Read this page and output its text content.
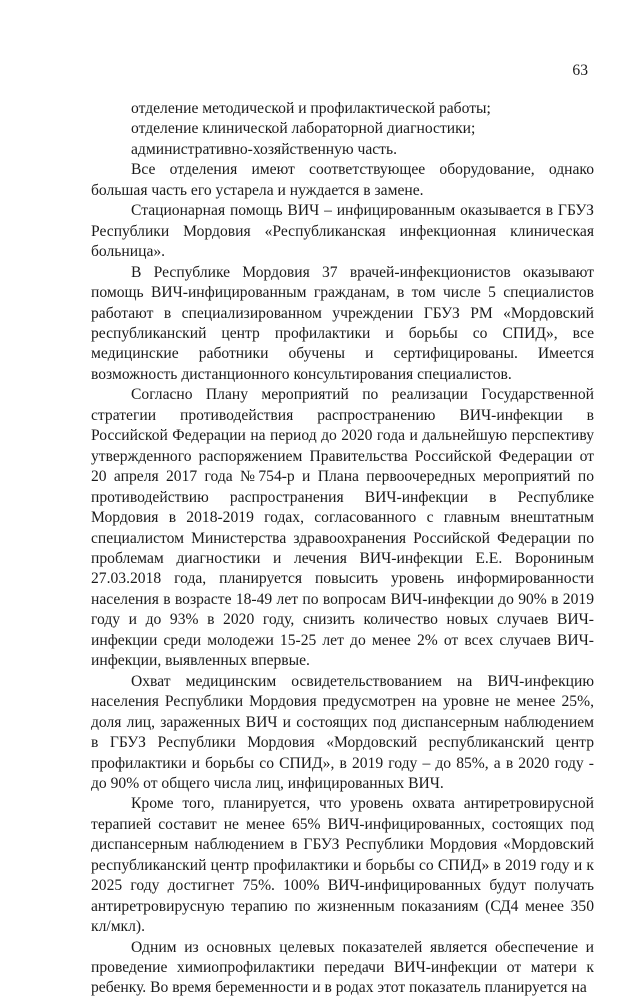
63

отделение методической и профилактической работы;

отделение клинической лабораторной диагностики;

административно-хозяйственную часть.

Все отделения имеют соответствующее оборудование, однако большая часть его устарела и нуждается в замене.

Стационарная помощь ВИЧ – инфицированным оказывается в ГБУЗ Республики Мордовия «Республиканская инфекционная клиническая больница».

В Республике Мордовия 37 врачей-инфекционистов оказывают помощь ВИЧ-инфицированным гражданам, в том числе 5 специалистов работают в специализированном учреждении ГБУЗ РМ «Мордовский республиканский центр профилактики и борьбы со СПИД», все медицинские работники обучены и сертифицированы. Имеется возможность дистанционного консультирования специалистов.

Согласно Плану мероприятий по реализации Государственной стратегии противодействия распространению ВИЧ-инфекции в Российской Федерации на период до 2020 года и дальнейшую перспективу утвержденного распоряжением Правительства Российской Федерации от 20 апреля 2017 года №754-р и Плана первоочередных мероприятий по противодействию распространения ВИЧ-инфекции в Республике Мордовия в 2018-2019 годах, согласованного с главным внештатным специалистом Министерства здравоохранения Российской Федерации по проблемам диагностики и лечения ВИЧ-инфекции Е.Е. Ворониным 27.03.2018 года, планируется повысить уровень информированности населения в возрасте 18-49 лет по вопросам ВИЧ-инфекции до 90% в 2019 году и до 93% в 2020 году, снизить количество новых случаев ВИЧ-инфекции среди молодежи 15-25 лет до менее 2% от всех случаев ВИЧ-инфекции, выявленных впервые.

Охват медицинским освидетельствованием на ВИЧ-инфекцию населения Республики Мордовия предусмотрен на уровне не менее 25%, доля лиц, зараженных ВИЧ и состоящих под диспансерным наблюдением в ГБУЗ Республики Мордовия «Мордовский республиканский центр профилактики и борьбы со СПИД», в 2019 году – до 85%, а в 2020 году - до 90% от общего числа лиц, инфицированных ВИЧ.

Кроме того, планируется, что уровень охвата антиретровирусной терапией составит не менее 65% ВИЧ-инфицированных, состоящих под диспансерным наблюдением в ГБУЗ Республики Мордовия «Мордовский республиканский центр профилактики и борьбы со СПИД» в 2019 году и к 2025 году достигнет 75%. 100% ВИЧ-инфицированных будут получать антиретровирусную терапию по жизненным показаниям (СД4 менее 350 кл/мкл).

Одним из основных целевых показателей является обеспечение и проведение химиопрофилактики передачи ВИЧ-инфекции от матери к ребенку. Во время беременности и в родах этот показатель планируется на
